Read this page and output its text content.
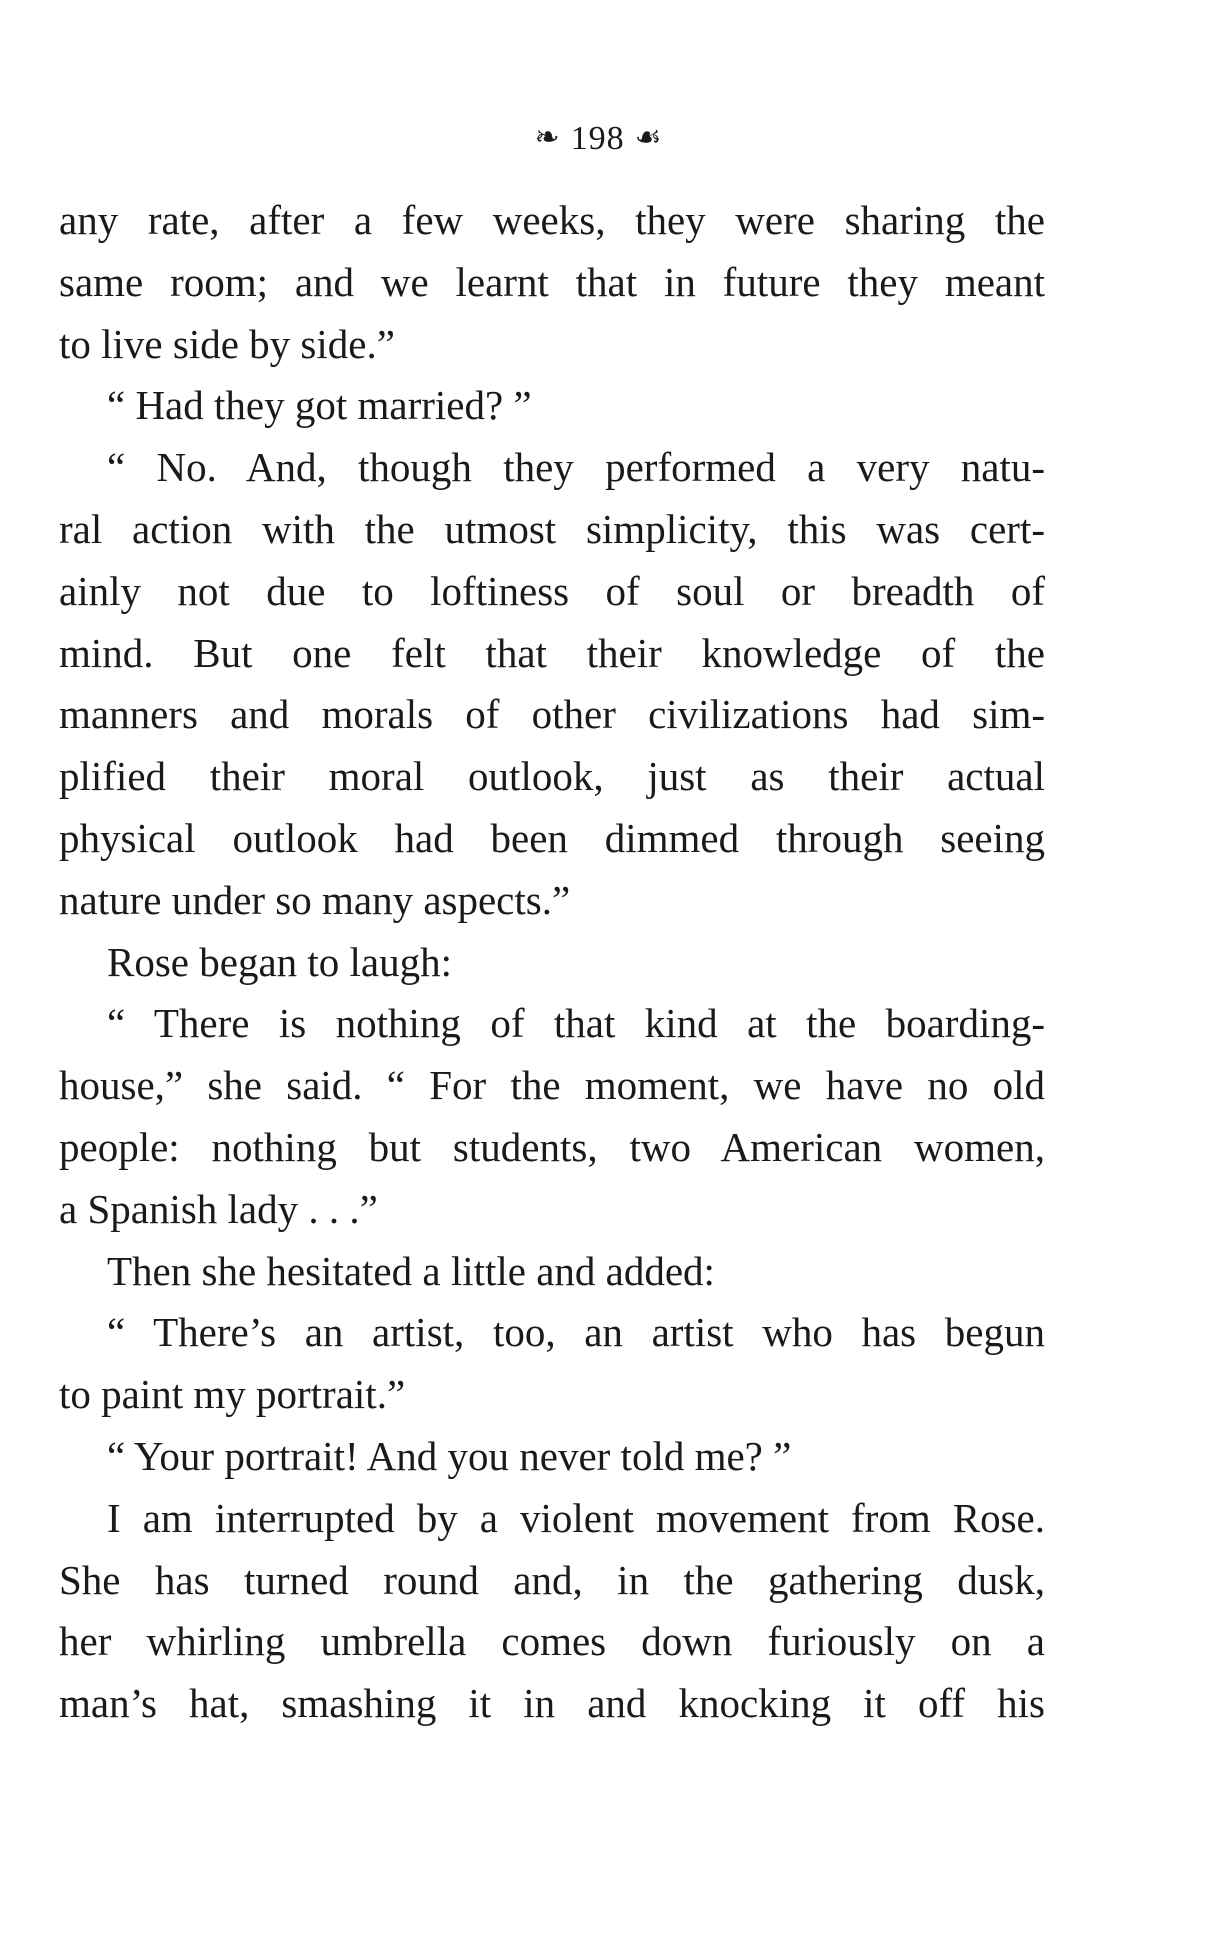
❧ 198 ☙
any rate, after a few weeks, they were sharing the
same room; and we learnt that in future they meant
to live side by side.”
“ Had they got married? ”
“ No. And, though they performed a very natu-
ral action with the utmost simplicity, this was cert-
ainly not due to loftiness of soul or breadth of
mind. But one felt that their knowledge of the
manners and morals of other civilizations had sim-
plified their moral outlook, just as their actual
physical outlook had been dimmed through seeing
nature under so many aspects.”
Rose began to laugh:
“ There is nothing of that kind at the boarding-
house,” she said. “ For the moment, we have no old
people: nothing but students, two American women,
a Spanish lady . . .”
Then she hesitated a little and added:
“ There’s an artist, too, an artist who has begun
to paint my portrait.”
“ Your portrait! And you never told me? ”
I am interrupted by a violent movement from Rose.
She has turned round and, in the gathering dusk,
her whirling umbrella comes down furiously on a
man’s hat, smashing it in and knocking it off his
